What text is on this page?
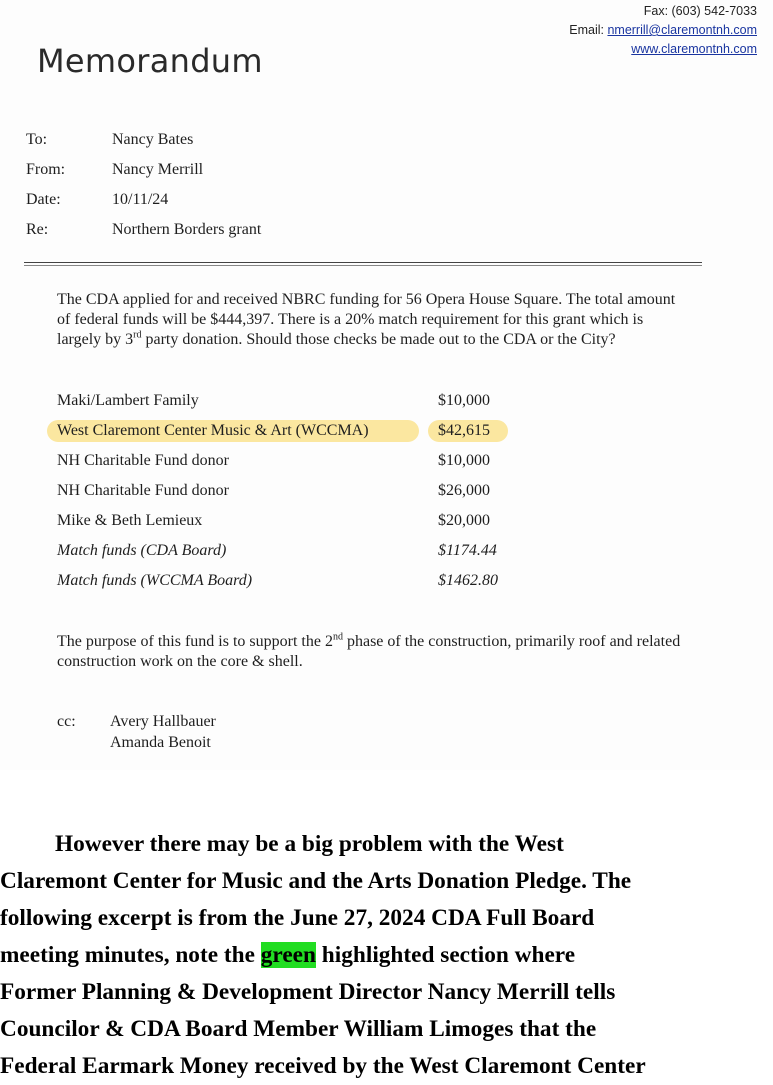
Fax: (603) 542-7033
Email: nmerrill@claremontnh.com
www.claremontnh.com
Memorandum
To:	Nancy Bates
From:	Nancy Merrill
Date:	10/11/24
Re:	Northern Borders grant
The CDA applied for and received NBRC funding for 56 Opera House Square. The total amount
of federal funds will be $444,397. There is a 20% match requirement for this grant which is
largely by 3rd party donation. Should those checks be made out to the CDA or the City?
Maki/Lambert Family	$10,000
West Claremont Center Music & Art (WCCMA)	$42,615
NH Charitable Fund donor	$10,000
NH Charitable Fund donor	$26,000
Mike & Beth Lemieux	$20,000
Match funds (CDA Board)	$1174.44
Match funds (WCCMA Board)	$1462.80
The purpose of this fund is to support the 2nd phase of the construction, primarily roof and related
construction work on the core & shell.
cc: Avery Hallbauer
Amanda Benoit
However there may be a big problem with the West
Claremont Center for Music and the Arts Donation Pledge. The
following excerpt is from the June 27, 2024 CDA Full Board
meeting minutes, note the green highlighted section where
Former Planning & Development Director Nancy Merrill tells
Councilor & CDA Board Member William Limoges that the
Federal Earmark Money received by the West Claremont Center
